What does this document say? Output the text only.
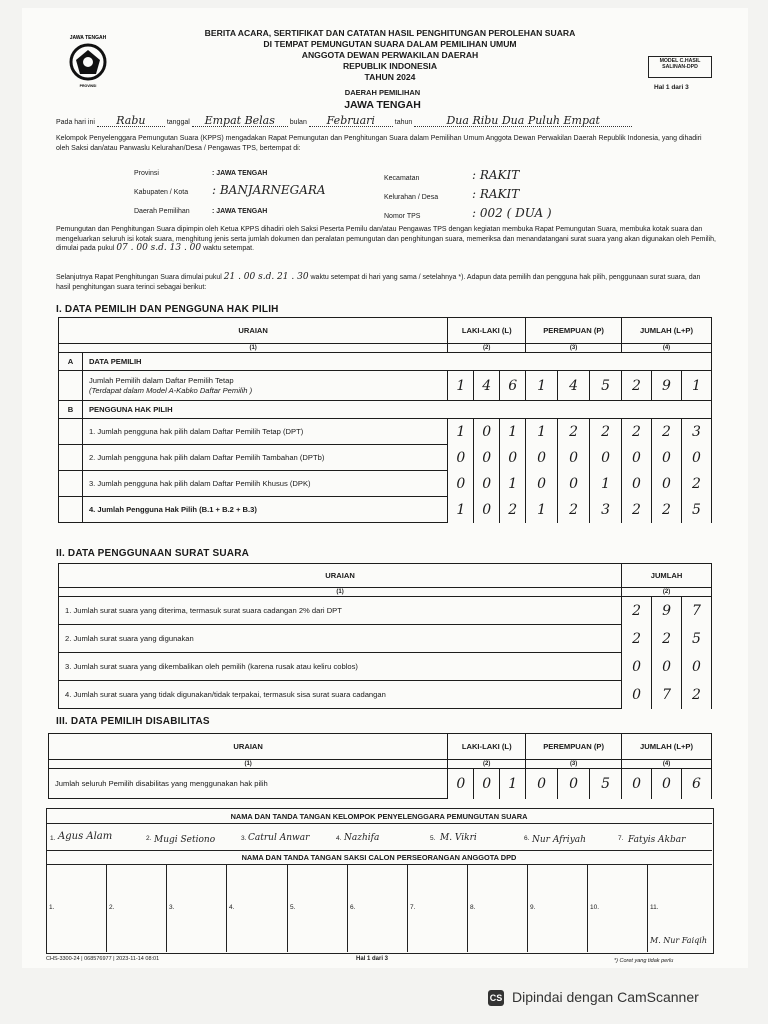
JAWA TENGAH
PROVINSI
BERITA ACARA, SERTIFIKAT DAN CATATAN HASIL PENGHITUNGAN PEROLEHAN SUARA
DI TEMPAT PEMUNGUTAN SUARA DALAM PEMILIHAN UMUM
ANGGOTA DEWAN PERWAKILAN DAERAH
REPUBLIK INDONESIA
TAHUN 2024
MODEL C.HASIL
SALINAN-DPD
Hal 1 dari 3
DAERAH PEMILIHAN
JAWA TENGAH
Pada hari ini Rabu	tanggal Empat Belas bulan Februari	tahun	Dua Ribu Dua Puluh Empat
Kelompok Penyelenggara Pemungutan Suara (KPPS) mengadakan Rapat Pemungutan dan Penghitungan Suara dalam Pemilihan Umum Anggota Dewan Perwakilan Daerah Republik Indonesia, yang dihadiri oleh Saksi dan/atau Panwaslu Kelurahan/Desa / Pengawas TPS, bertempat di:
Provinsi	: JAWA TENGAH
Kabupaten / Kota : BANJARNEGARA
Daerah Pemilihan	: JAWA TENGAH
Kecamatan	: RAKIT
Kelurahan / Desa	: RAKIT
Nomor TPS	: 002 ( DUA )
Pemungutan dan Penghitungan Suara dipimpin oleh Ketua KPPS dihadiri oleh Saksi Peserta Pemilu dan/atau Pengawas TPS dengan kegiatan membuka Rapat Pemungutan Suara, membuka kotak suara dan mengeluarkan seluruh isi kotak suara, menghitung jenis serta jumlah dokumen dan peralatan pemungutan dan penghitungan suara, memeriksa dan menandatangani surat suara yang akan digunakan oleh Pemilih, dimulai pada pukul 07 . 00 s.d. 13 . 00 waktu setempat.
Selanjutnya Rapat Penghitungan Suara dimulai pukul 21 . 00 s.d. 21 . 30 waktu setempat di hari yang sama / setelahnya *). Adapun data pemilih dan pengguna hak pilih, penggunaan surat suara, dan hasil penghitungan suara terinci sebagai berikut:
I. DATA PEMILIH DAN PENGGUNA HAK PILIH
URAIAN		LAKI-LAKI (L)			PEREMPUAN (P)			JUMLAH (L+P)		
(1)		(2)			(3)			(4)		
A	DATA PEMILIH									

	Jumlah Pemilih dalam Daftar Pemilih Tetap
(Terdapat dalam Model A-Kabko Daftar Pemilih )	1	4	6	1	4	5	2	9	1
B	PENGGUNA HAK PILIH									
	1. Jumlah pengguna hak pilih dalam Daftar Pemilih Tetap (DPT)	1	0	1	1	2	2	2	2	3
	2. Jumlah pengguna hak pilih dalam Daftar Pemilih Tambahan (DPTb)	0	0	0	0	0	0	0	0	0
	3. Jumlah pengguna hak pilih dalam Daftar Pemilih Khusus (DPK)	0	0	1	0	0	1	0	0	2
	4. Jumlah Pengguna Hak Pilih (B.1 + B.2 + B.3)	1	0	2	1	2	3	2	2	5
II. DATA PENGGUNAAN SURAT SUARA
URAIAN	JUMLAH		
(1)	(2)		
1. Jumlah surat suara yang diterima, termasuk surat suara cadangan 2% dari DPT	2	9	7
2. Jumlah surat suara yang digunakan	2	2	5
3. Jumlah surat suara yang dikembalikan oleh pemilih (karena rusak atau keliru coblos)	0	0	0
4. Jumlah surat suara yang tidak digunakan/tidak terpakai, termasuk sisa surat suara cadangan	0	7	2
III. DATA PEMILIH DISABILITAS
URAIAN	LAKI-LAKI (L)			PEREMPUAN (P)			JUMLAH (L+P)		
(1)	(2)			(3)			(4)		
Jumlah seluruh Pemilih disabilitas yang menggunakan hak pilih	0	0	1	0	0	5	0	0	6
NAMA DAN TANDA TANGAN KELOMPOK PENYELENGGARA PEMUNGUTAN SUARA
1. Agus Alam	2. Mugi Setiono	3. Catrul Anwar	4. Nazhifa	5. M. Vikri	6. Nur Afriyah	7. Fatyis Akbar
NAMA DAN TANDA TANGAN SAKSI CALON PERSEORANGAN ANGGOTA DPD
1.	2.	3.	4.	5.	6.	7.	8.	9.	10.	11.
M. Nur Faiqih
CHS-3300-24 | 068576977 | 2023-11-14 08:01	Hal 1 dari 3	*) Coret yang tidak perlu
CS Dipindai dengan CamScanner
